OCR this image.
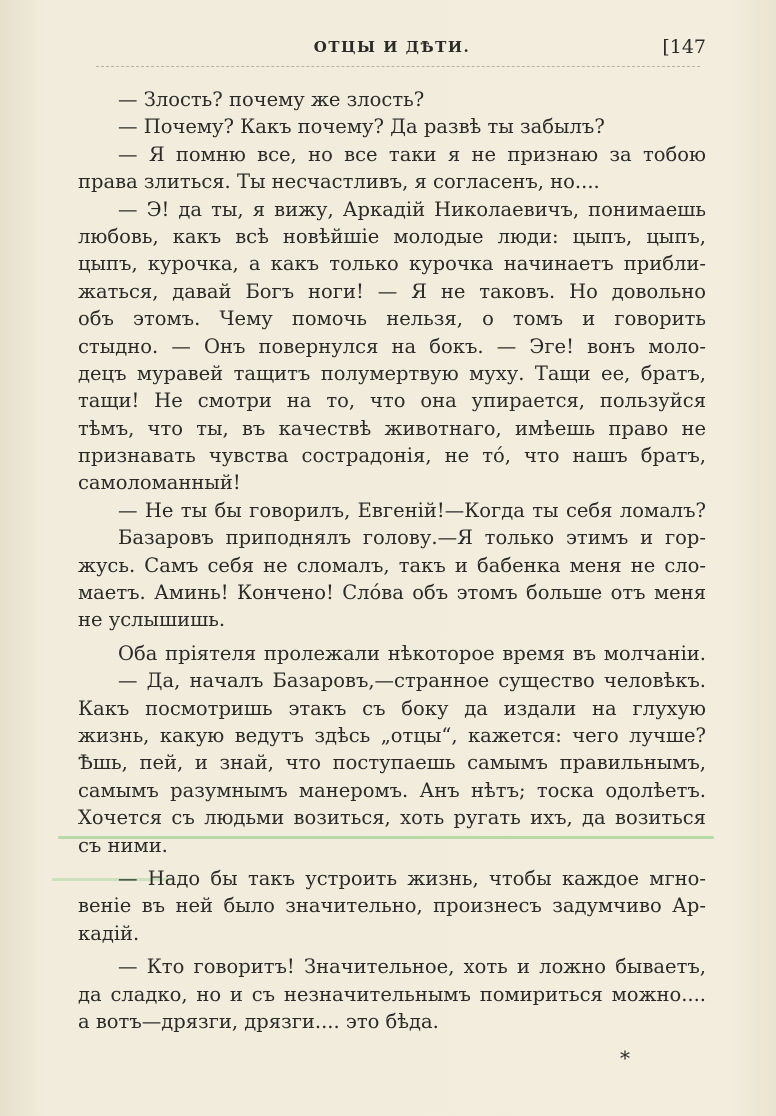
ОТЦЫ И ДѢТИ.	[147
— Злость? почему же злость?
— Почему? Какъ почему? Да развѣ ты забылъ?
— Я помню все, но все таки я не признаю за тобою
права злиться. Ты несчастливъ, я согласенъ, но....
— Э! да ты, я вижу, Аркадій Николаевичъ, понимаешь
любовь, какъ всѣ новѣйшіе молодые люди: цыпъ, цыпъ,
цыпъ, курочка, а какъ только курочка начинаетъ прибли-
жаться, давай Богъ ноги! — Я не таковъ. Но довольно
объ этомъ. Чему помочь нельзя, о томъ и говорить
стыдно. — Онъ повернулся на бокъ. — Эге! вонъ моло-
децъ муравей тащитъ полумертвую муху. Тащи ее, братъ,
тащи! Не смотри на то, что она упирается, пользуйся
тѣмъ, что ты, въ качествѣ животнаго, имѣешь право не
признавать чувства сострадонія, не тó, что нашъ братъ,
самоломанный!
— Не ты бы говорилъ, Евгеній!—Когда ты себя ломалъ?
Базаровъ приподнялъ голову.—Я только этимъ и гор-
жусь. Самъ себя не сломалъ, такъ и бабенка меня не сло-
маетъ. Аминь! Кончено! Слóва объ этомъ больше отъ меня
не услышишь.
Оба пріятеля пролежали нѣкоторое время въ молчаніи.
— Да, началъ Базаровъ,—странное существо человѣкъ.
Какъ посмотришь этакъ съ боку да издали на глухую
жизнь, какую ведутъ здѣсь „отцы“, кажется: чего лучше?
Ѣшь, пей, и знай, что поступаешь самымъ правильнымъ,
самымъ разумнымъ манеромъ. Анъ нѣтъ; тоска одолѣетъ.
Хочется съ людьми возиться, хоть ругать ихъ, да возиться
съ ними.
— Надо бы такъ устроить жизнь, чтобы каждое мгно-
веніе въ ней было значительно, произнесъ задумчиво Ар-
кадій.
— Кто говоритъ! Значительное, хоть и ложно бываетъ,
да сладко, но и съ незначительнымъ помириться можно....
а вотъ—дрязги, дрязги.... это бѣда.
*
